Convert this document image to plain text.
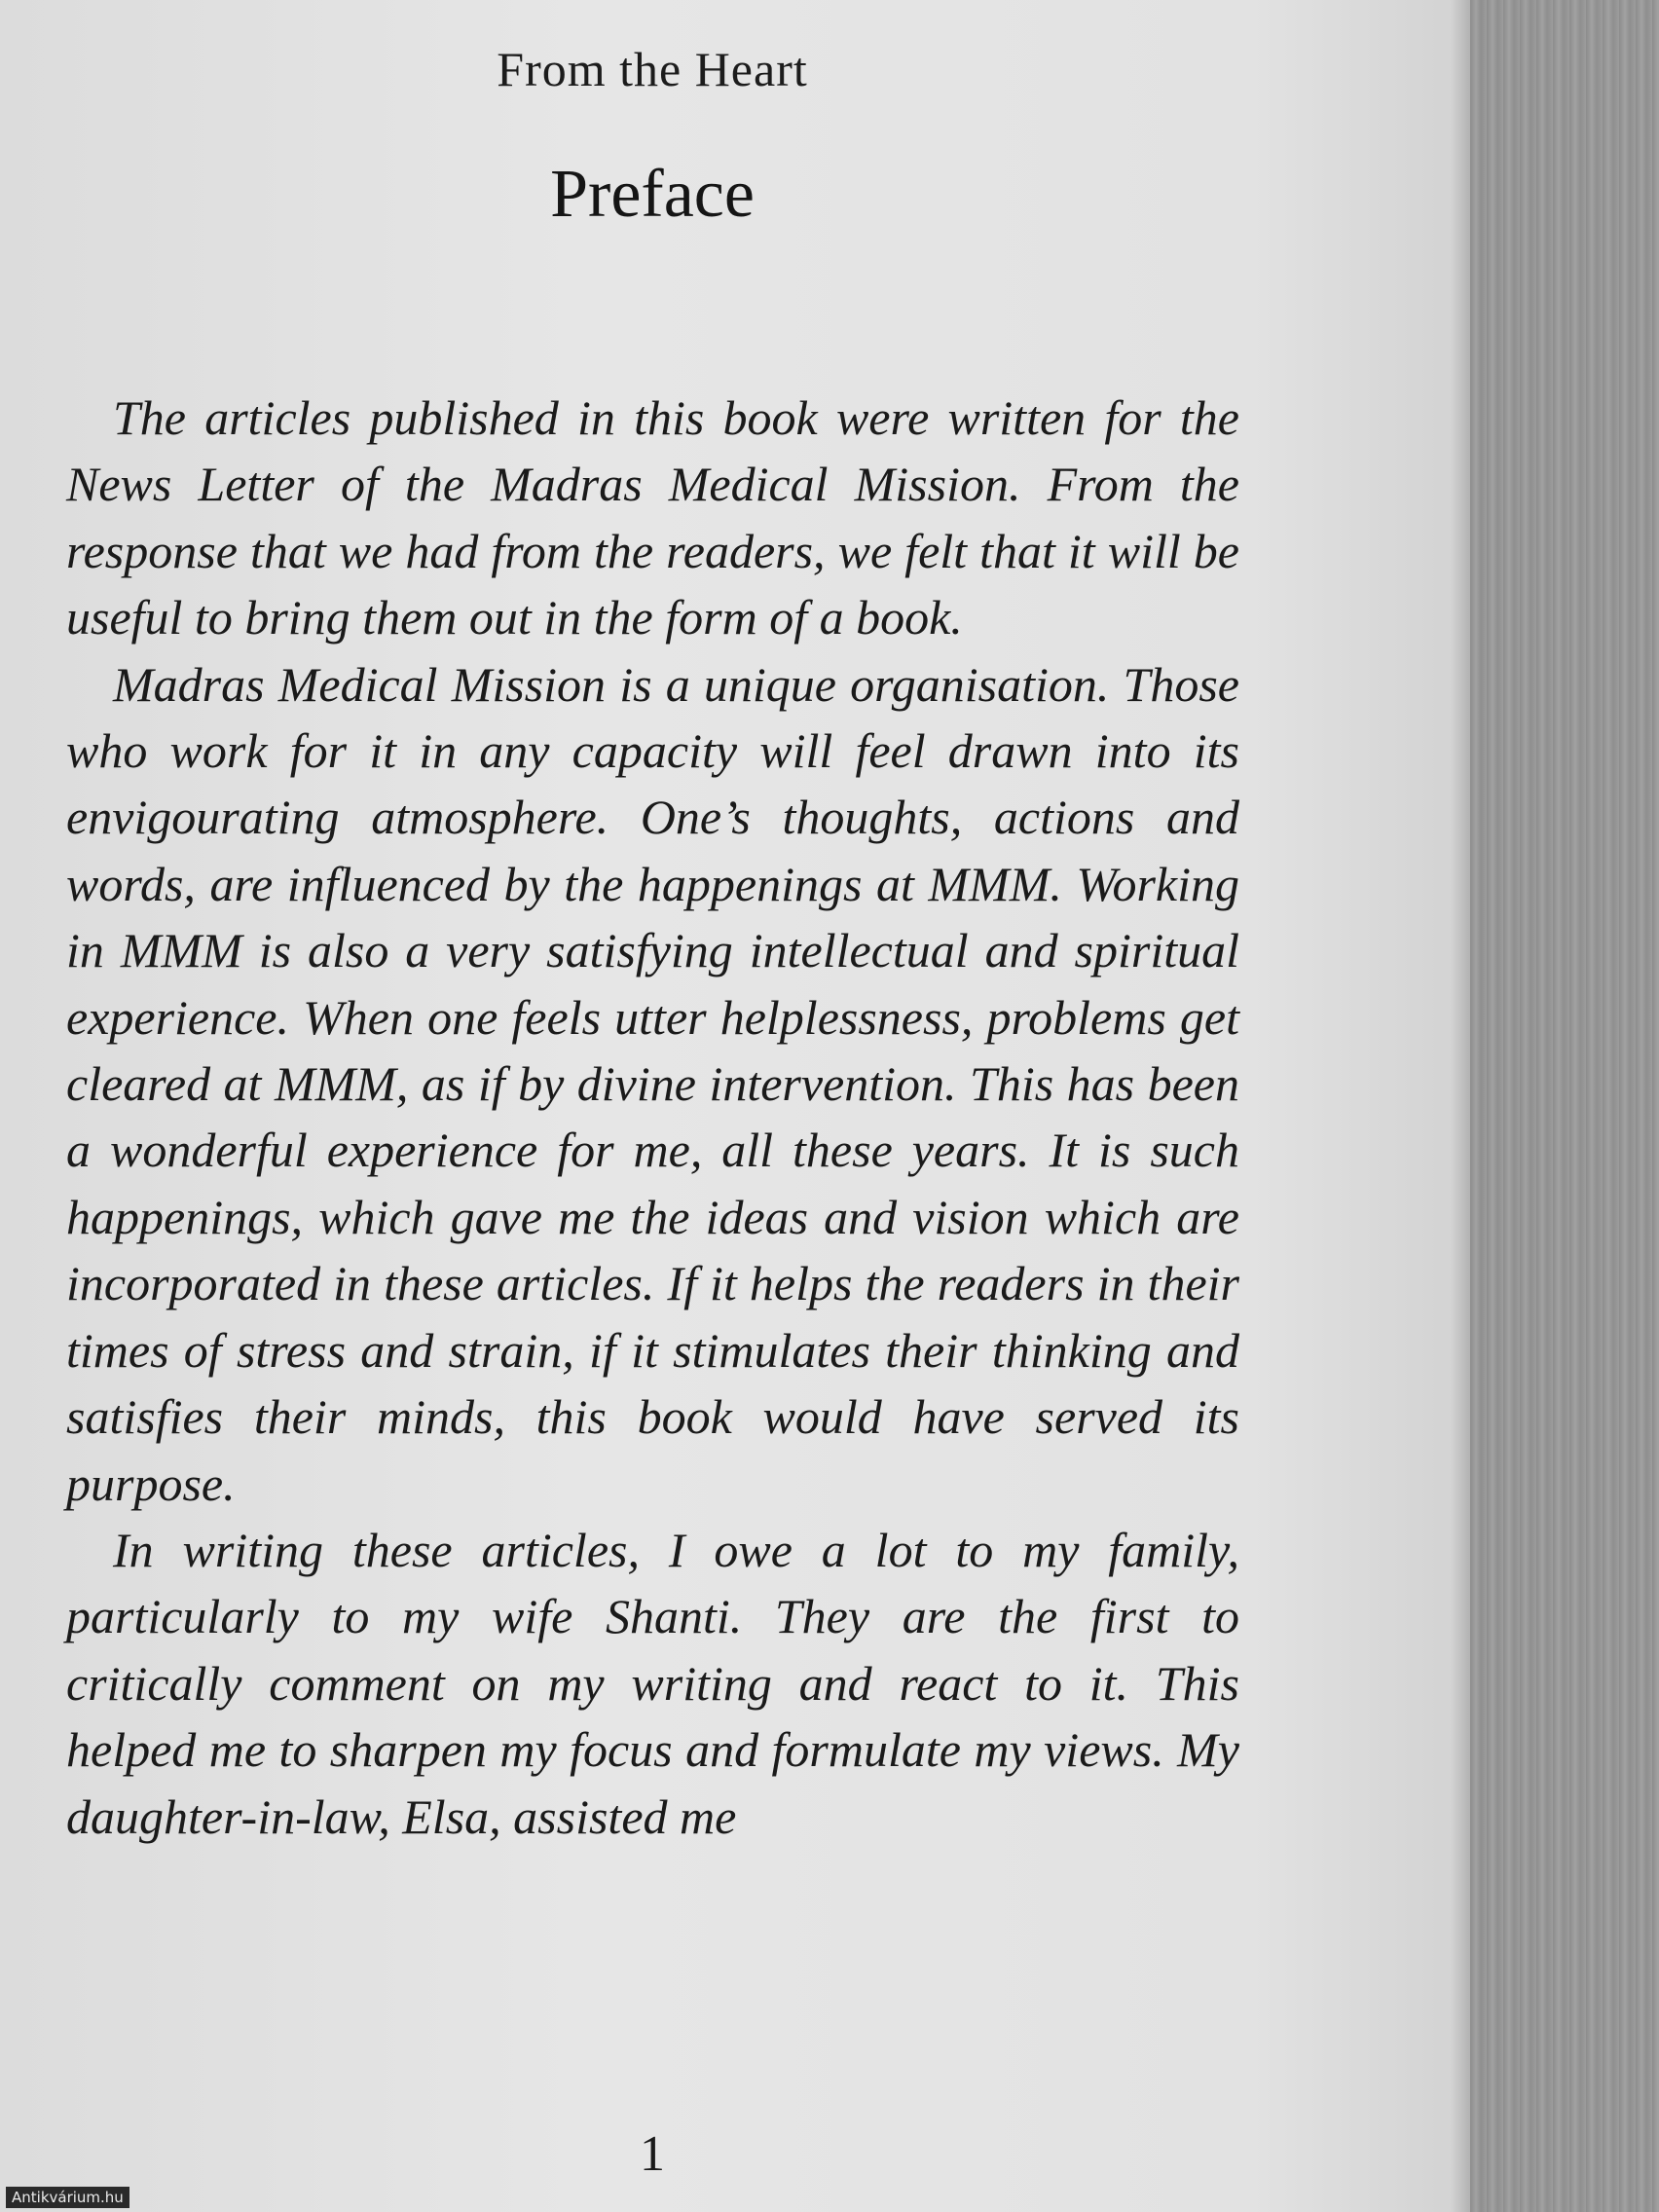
From the Heart
Preface

The articles published in this book were written for the News Letter of the Madras Medical Mission. From the response that we had from the readers, we felt that it will be useful to bring them out in the form of a book.

Madras Medical Mission is a unique organisation. Those who work for it in any capacity will feel drawn into its envigourating atmosphere. One’s thoughts, actions and words, are influenced by the happenings at MMM. Working in MMM is also a very satisfying intellectual and spiritual experience. When one feels utter helplessness, problems get cleared at MMM, as if by divine intervention. This has been a wonderful experience for me, all these years. It is such happenings, which gave me the ideas and vision which are incorporated in these articles. If it helps the readers in their times of stress and strain, if it stimulates their thinking and satisfies their minds, this book would have served its purpose.

In writing these articles, I owe a lot to my family, particularly to my wife Shanti. They are the first to critically comment on my writing and react to it. This helped me to sharpen my focus and formulate my views. My daughter-in-law, Elsa, assisted me

1
Antikvárium.hu
